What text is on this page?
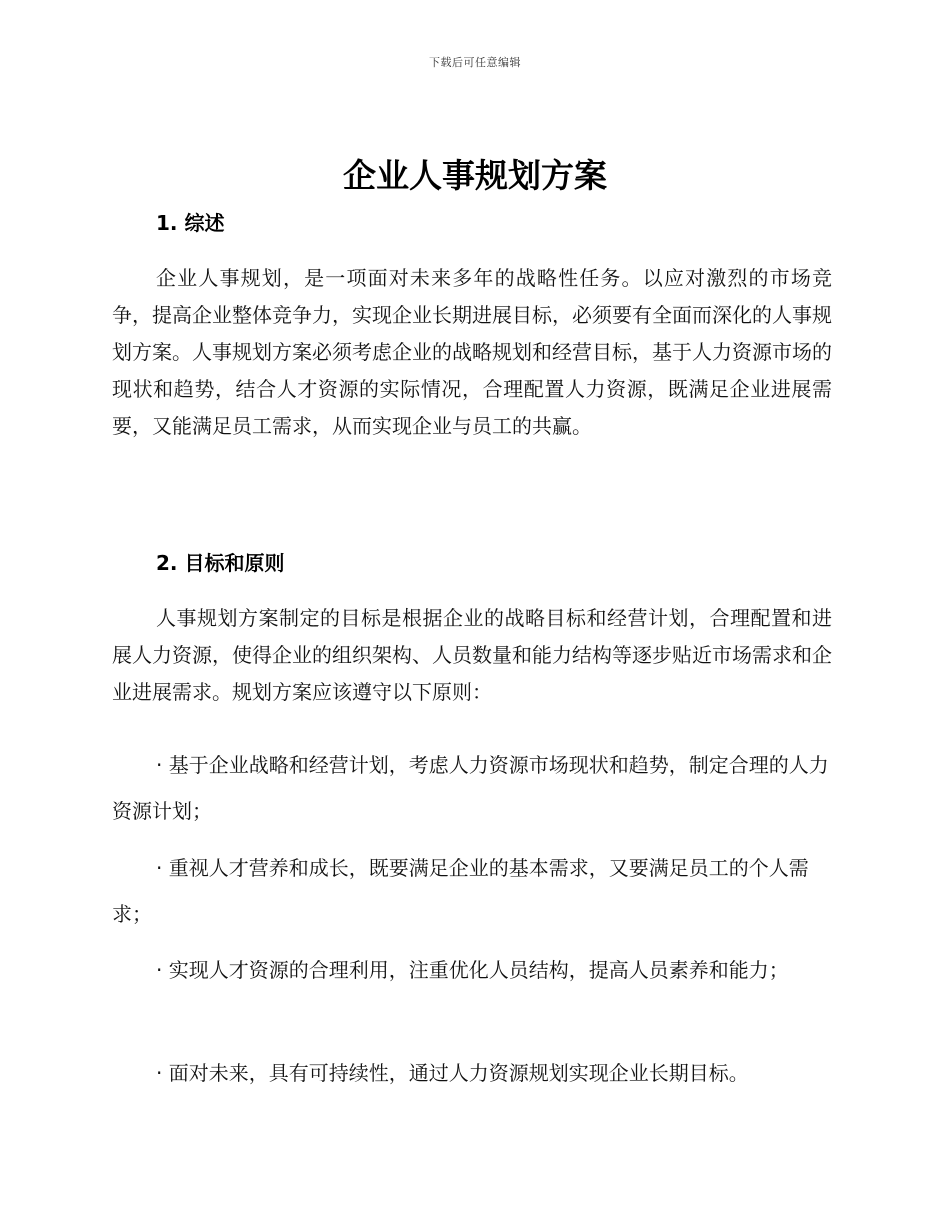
下载后可任意编辑
企业人事规划方案
1. 综述

企业人事规划，是一项面对未来多年的战略性任务。以应对激烈的市场竞争，提高企业整体竞争力，实现企业长期进展目标，必须要有全面而深化的人事规划方案。人事规划方案必须考虑企业的战略规划和经营目标，基于人力资源市场的现状和趋势，结合人才资源的实际情况，合理配置人力资源，既满足企业进展需要，又能满足员工需求，从而实现企业与员工的共赢。

2. 目标和原则

人事规划方案制定的目标是根据企业的战略目标和经营计划，合理配置和进展人力资源，使得企业的组织架构、人员数量和能力结构等逐步贴近市场需求和企业进展需求。规划方案应该遵守以下原则：

· 基于企业战略和经营计划，考虑人力资源市场现状和趋势，制定合理的人力资源计划；

· 重视人才营养和成长，既要满足企业的基本需求，又要满足员工的个人需求；

· 实现人才资源的合理利用，注重优化人员结构，提高人员素养和能力；

· 面对未来，具有可持续性，通过人力资源规划实现企业长期目标。
